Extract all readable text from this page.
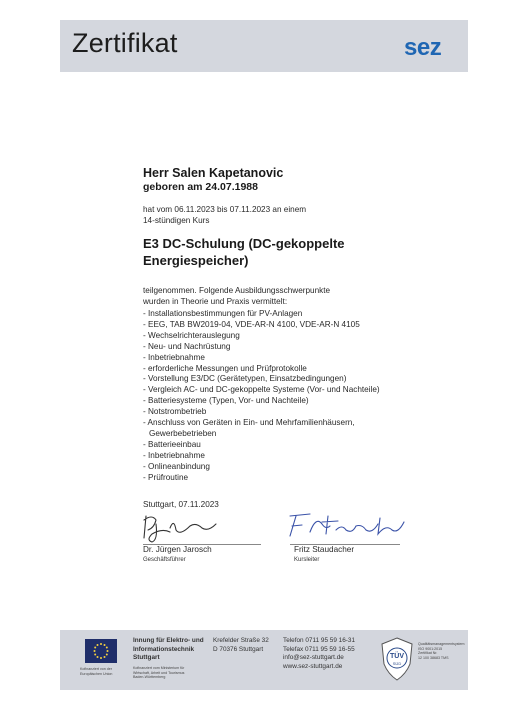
Zertifikat	sez
Herr Salen Kapetanovic
geboren am 24.07.1988
hat vom 06.11.2023 bis 07.11.2023 an einem
14-stündigen Kurs
E3 DC-Schulung (DC-gekoppelte
Energiespeicher)
teilgenommen. Folgende Ausbildungsschwerpunkte
wurden in Theorie und Praxis vermittelt:
- Installationsbestimmungen für PV-Anlagen
- EEG, TAB BW2019-04, VDE-AR-N 4100, VDE-AR-N 4105
- Wechselrichterauslegung
- Neu- und Nachrüstung
- Inbetriebnahme
- erforderliche Messungen und Prüfprotokolle
- Vorstellung E3/DC (Gerätetypen, Einsatzbedingungen)
- Vergleich AC- und DC-gekoppelte Systeme (Vor- und Nachteile)
- Batteriesysteme (Typen, Vor- und Nachteile)
- Notstrombetrieb
- Anschluss von Geräten in Ein- und Mehrfamilienhäusern,
Gewerbebetrieben
- Batterieeinbau
- Inbetriebnahme
- Onlineanbindung
- Prüfroutine
Stuttgart, 07.11.2023
Dr. Jürgen Jarosch
Geschäftsführer
Fritz Staudacher
Kursleiter
Kofinanziert von der
Europäischen Union
Innung für Elektro- und
Informationstechnik
Stuttgart
Kofinanziert vom Ministerium für
Wirtschaft, Arbeit und Tourismus
Baden-Württemberg
Krefelder Straße 32
D 70376 Stuttgart
Telefon 0711 95 59 16-31
Telefax 0711 95 59 16-55
info@sez-stuttgart.de
www.sez-stuttgart.de
TÜV
SÜD
Qualitätsmanagementsystem
ISO 9001:2015
Zertifikat Nr.
12 100 38683 TMS
